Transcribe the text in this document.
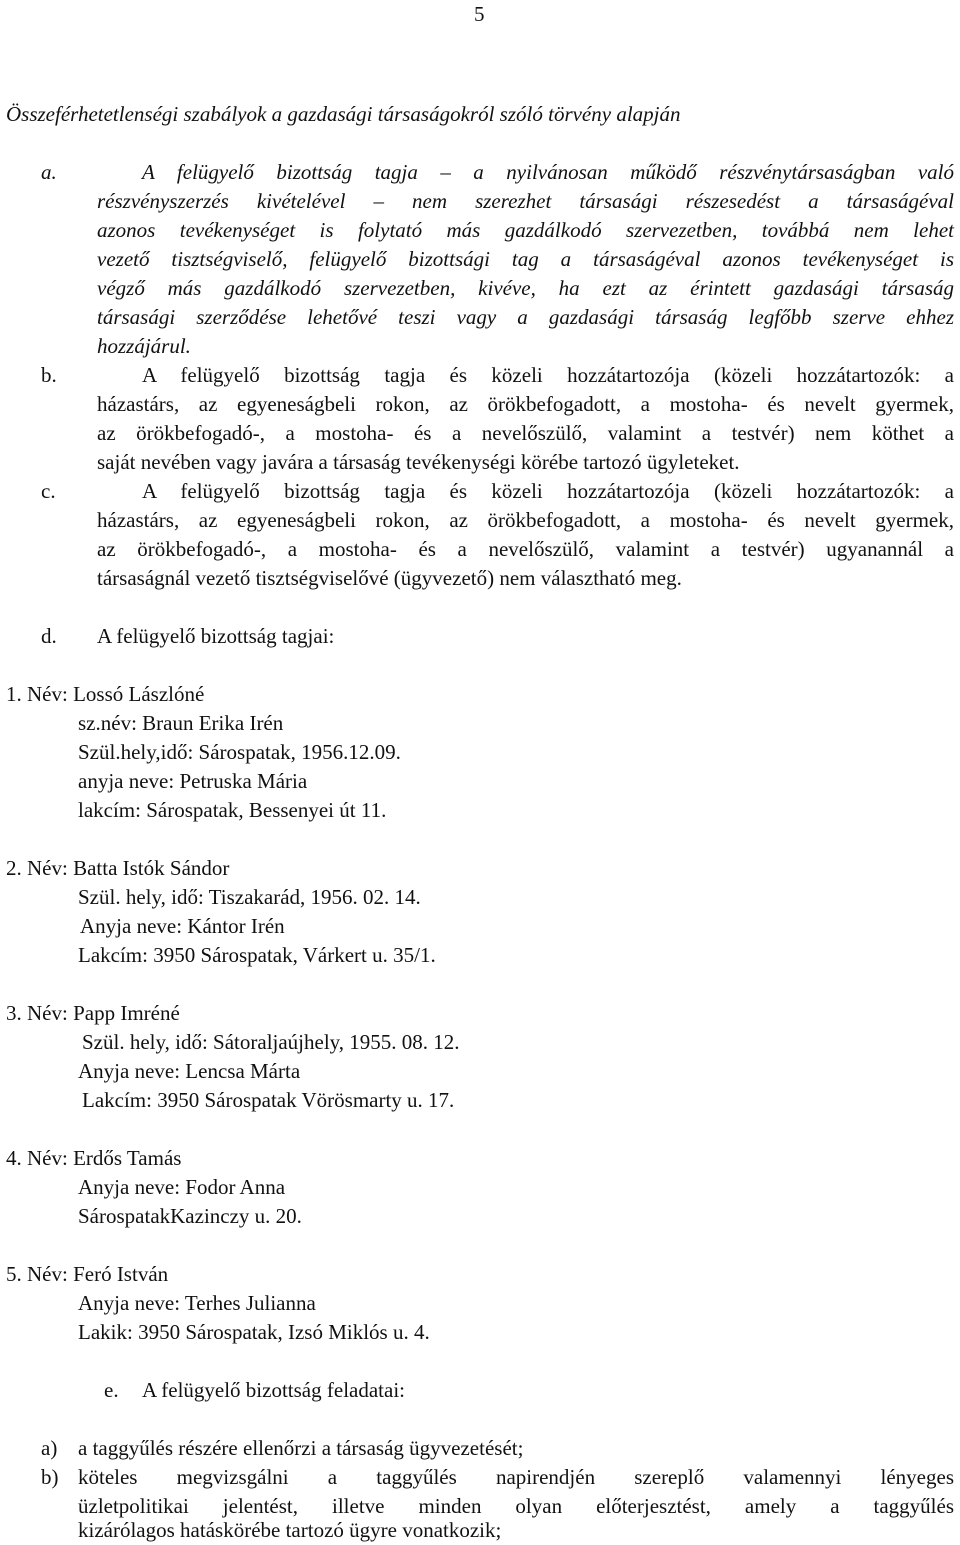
5
Összeférhetetlenségi szabályok a gazdasági társaságokról szóló törvény alapján
a.	A felügyelő bizottság tagja – a nyilvánosan működő részvénytársaságban való
részvényszerzés kivételével – nem szerezhet társasági részesedést a társaságéval
azonos tevékenységet is folytató más gazdálkodó szervezetben, továbbá nem lehet
vezető tisztségviselő, felügyelő bizottsági tag a társaságéval azonos tevékenységet is
végző más gazdálkodó szervezetben, kivéve, ha ezt az érintett gazdasági társaság
társasági szerződése lehetővé teszi vagy a gazdasági társaság legfőbb szerve ehhez
hozzájárul.
b.	A felügyelő bizottság tagja és közeli hozzátartozója (közeli hozzátartozók: a
házastárs, az egyeneságbeli rokon, az örökbefogadott, a mostoha- és nevelt gyermek,
az örökbefogadó-, a mostoha- és a nevelőszülő, valamint a testvér) nem köthet a
saját nevében vagy javára a társaság tevékenységi körébe tartozó ügyleteket.
c.	A felügyelő bizottság tagja és közeli hozzátartozója (közeli hozzátartozók: a
házastárs, az egyeneságbeli rokon, az örökbefogadott, a mostoha- és nevelt gyermek,
az örökbefogadó-, a mostoha- és a nevelőszülő, valamint a testvér) ugyanannál a
társaságnál vezető tisztségviselővé (ügyvezető) nem választható meg.
d. A felügyelő bizottság tagjai:
1. Név: Lossó Lászlóné
sz.név: Braun Erika Irén
Szül.hely,idő: Sárospatak, 1956.12.09.
anyja neve: Petruska Mária
lakcím: Sárospatak, Bessenyei út 11.
2. Név: Batta Istók Sándor
Szül. hely, idő: Tiszakarád, 1956. 02. 14.
Anyja neve: Kántor Irén
Lakcím: 3950 Sárospatak, Várkert u. 35/1.
3. Név: Papp Imréné
Szül. hely, idő: Sátoraljaújhely, 1955. 08. 12.
Anyja neve: Lencsa Márta
Lakcím: 3950 Sárospatak Vörösmarty u. 17.
4. Név: Erdős Tamás
Anyja neve: Fodor Anna
SárospatakKazinczy u. 20.
5. Név: Feró István
Anyja neve: Terhes Julianna
Lakik: 3950 Sárospatak, Izsó Miklós u. 4.
e. A felügyelő bizottság feladatai:
a) a taggyűlés részére ellenőrzi a társaság ügyvezetését;
b) köteles megvizsgálni a taggyűlés napirendjén szereplő valamennyi lényeges
üzletpolitikai jelentést, illetve minden olyan előterjesztést, amely a taggyűlés
kizárólagos hatáskörébe tartozó ügyre vonatkozik;
